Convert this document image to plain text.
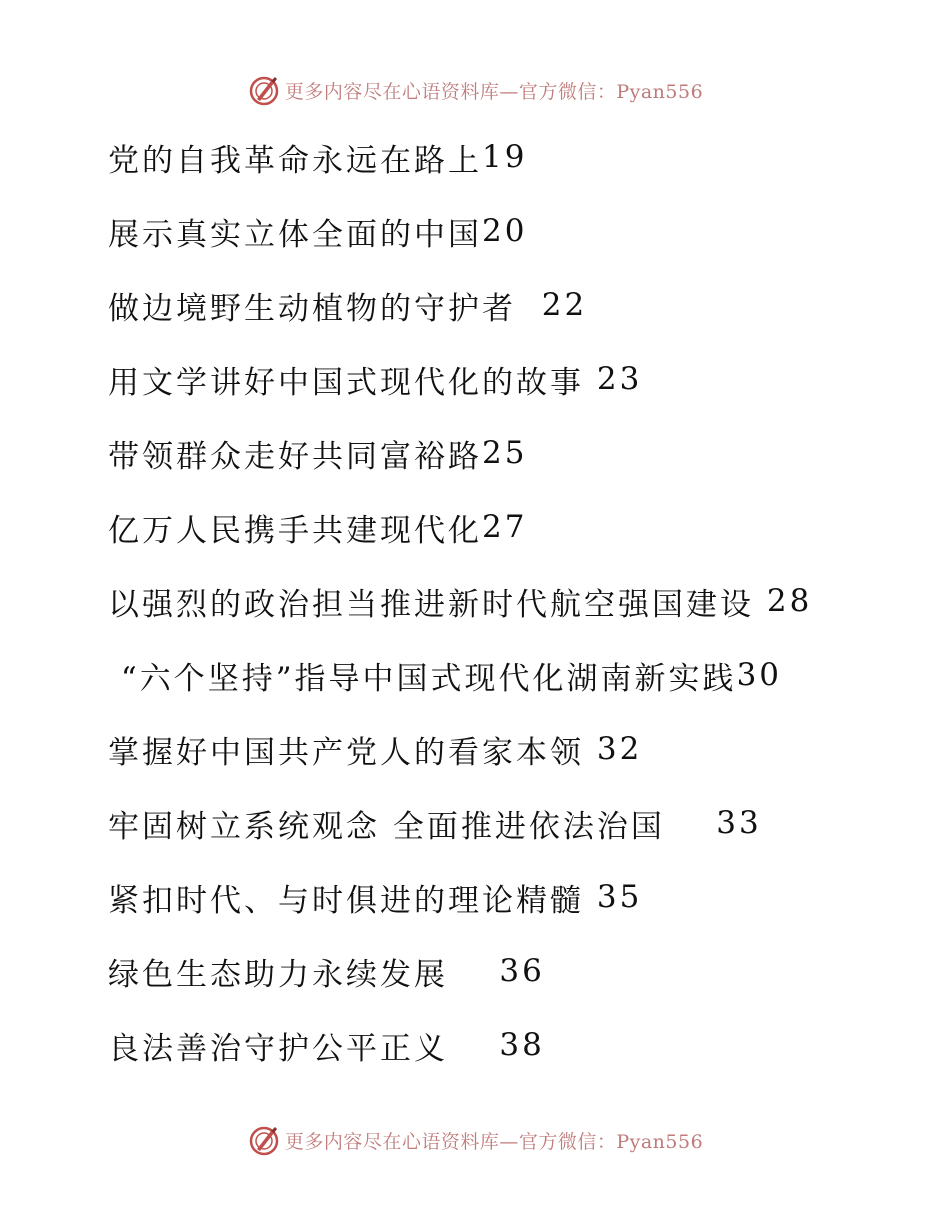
更多内容尽在心语资料库—官方微信：Pyan556
党的自我革命永远在路上 19
展示真实立体全面的中国 20
做边境野生动植物的守护者
22
用文学讲好中国式现代化的故事
23
带领群众走好共同富裕路 25
亿万人民携手共建现代化 27
以强烈的政治担当推进新时代航空强国建设
28
“六个坚持”指导中国式现代化湖南新实践 30
掌握好中国共产党人的看家本领
32
牢固树立系统观念 全面推进依法治国
33
紧扣时代、与时俱进的理论精髓
35
绿色生态助力永续发展
36
良法善治守护公平正义
38
更多内容尽在心语资料库—官方微信：Pyan556
